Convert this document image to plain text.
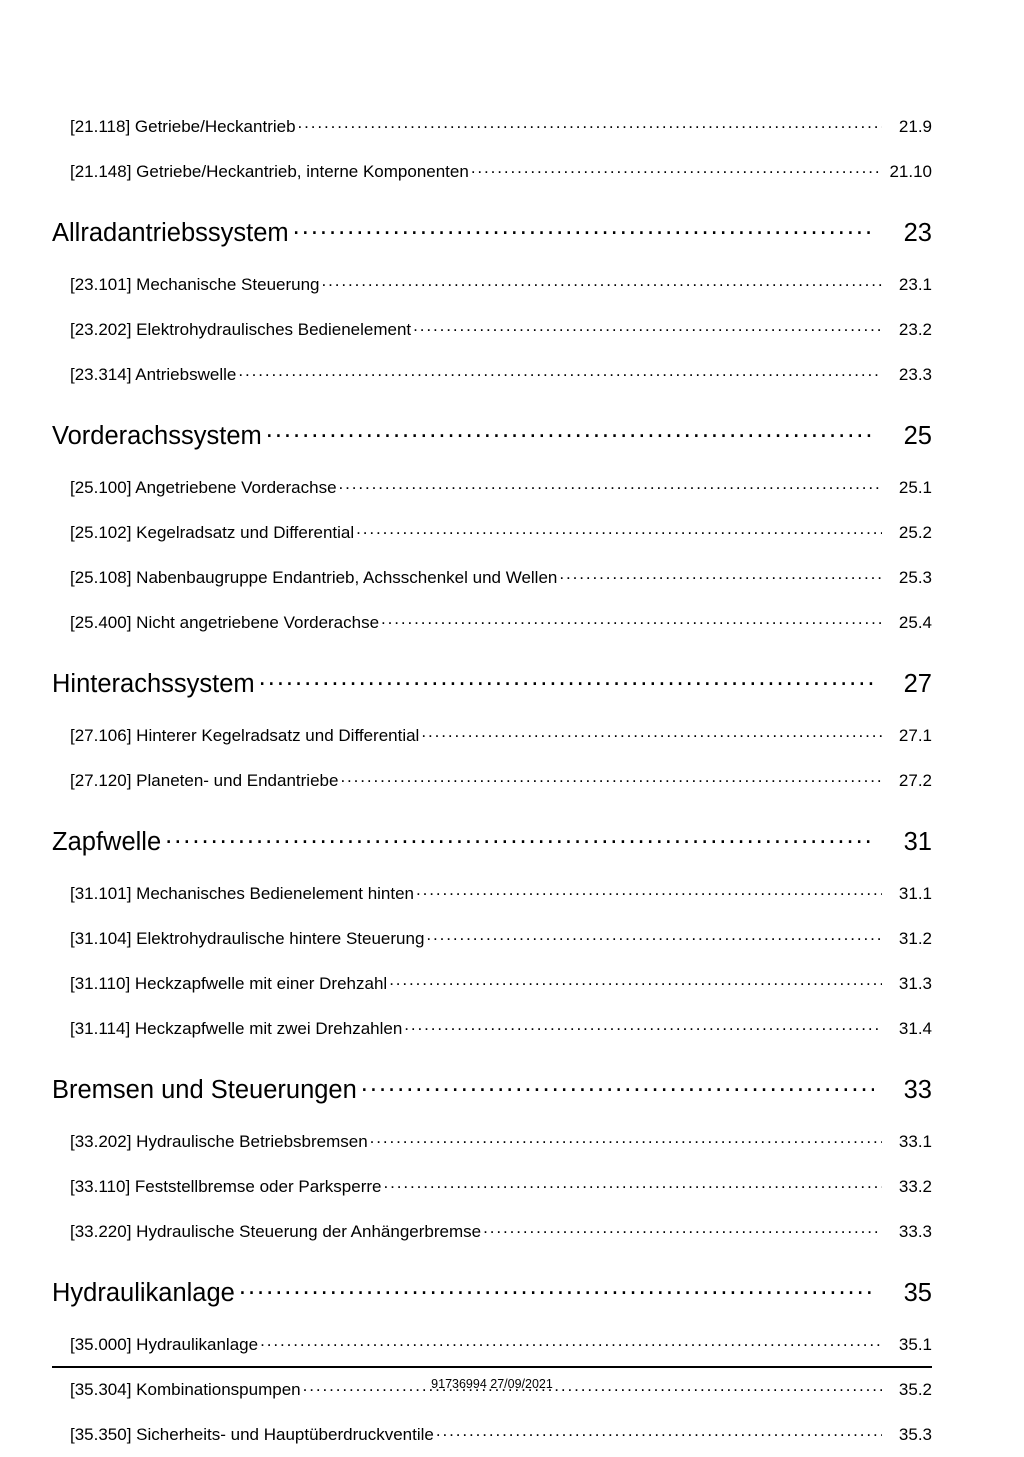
[21.118] Getriebe/Heckantrieb .....	21.9
[21.148] Getriebe/Heckantrieb, interne Komponenten .....	21.10
Allradantriebssystem .....	23
[23.101] Mechanische Steuerung .....	23.1
[23.202] Elektrohydraulisches Bedienelement .....	23.2
[23.314] Antriebswelle .....	23.3
Vorderachssystem .....	25
[25.100] Angetriebene Vorderachse .....	25.1
[25.102] Kegelradsatz und Differential .....	25.2
[25.108] Nabenbaugruppe Endantrieb, Achsschenkel und Wellen .....	25.3
[25.400] Nicht angetriebene Vorderachse .....	25.4
Hinterachssystem .....	27
[27.106] Hinterer Kegelradsatz und Differential .....	27.1
[27.120] Planeten- und Endantriebe .....	27.2
Zapfwelle .....	31
[31.101] Mechanisches Bedienelement hinten .....	31.1
[31.104] Elektrohydraulische hintere Steuerung .....	31.2
[31.110] Heckzapfwelle mit einer Drehzahl .....	31.3
[31.114] Heckzapfwelle mit zwei Drehzahlen .....	31.4
Bremsen und Steuerungen .....	33
[33.202] Hydraulische Betriebsbremsen .....	33.1
[33.110] Feststellbremse oder Parksperre .....	33.2
[33.220] Hydraulische Steuerung der Anhängerbremse .....	33.3
Hydraulikanlage .....	35
[35.000] Hydraulikanlage .....	35.1
[35.304] Kombinationspumpen .....	35.2
[35.350] Sicherheits- und Hauptüberdruckventile .....	35.3
91736994 27/09/2021
